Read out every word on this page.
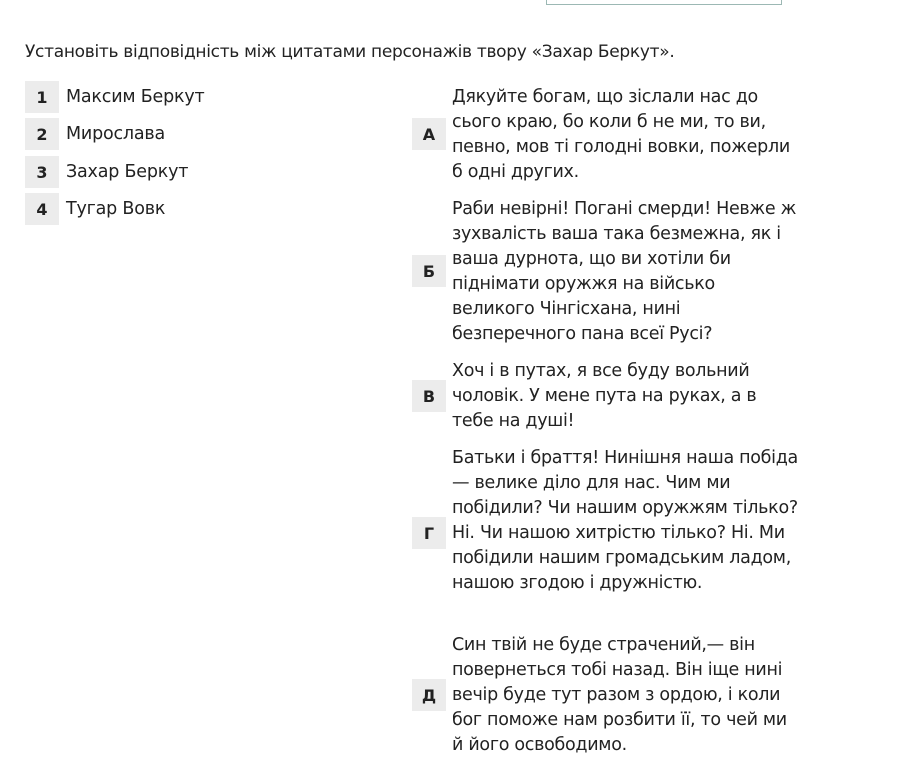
Установіть відповідність між цитатами персонажів твору «Захар Беркут».
1	Максим Беркут
2	Мирослава
3	Захар Беркут
4	Тугар Вовк
А
Дякуйте богам, що зіслали нас до сього краю, бо коли б не ми, то ви, певно, мов ті голодні вовки, пожерли б одні других.
Б
Раби невірні! Погані смерди! Невже ж зухвалість ваша така безмежна, як і ваша дурнота, що ви хотіли би піднімати оружжя на військо великого Чінгісхана, нині безперечного пана всеї Русі?
В
Хоч і в путах, я все буду вольний чоловік. У мене пута на руках, а в тебе на душі!
Г
Батьки і браття! Нинішня наша побіда — велике діло для нас. Чим ми побідили? Чи нашим оружжям тілько? Ні. Чи нашою хитрістю тілько? Ні. Ми побідили нашим громадським ладом, нашою згодою і дружністю.
Д
Син твій не буде страчений,— він повернеться тобі назад. Він іще нині вечір буде тут разом з ордою, і коли бог поможе нам розбити її, то чей ми й його освободимо.
